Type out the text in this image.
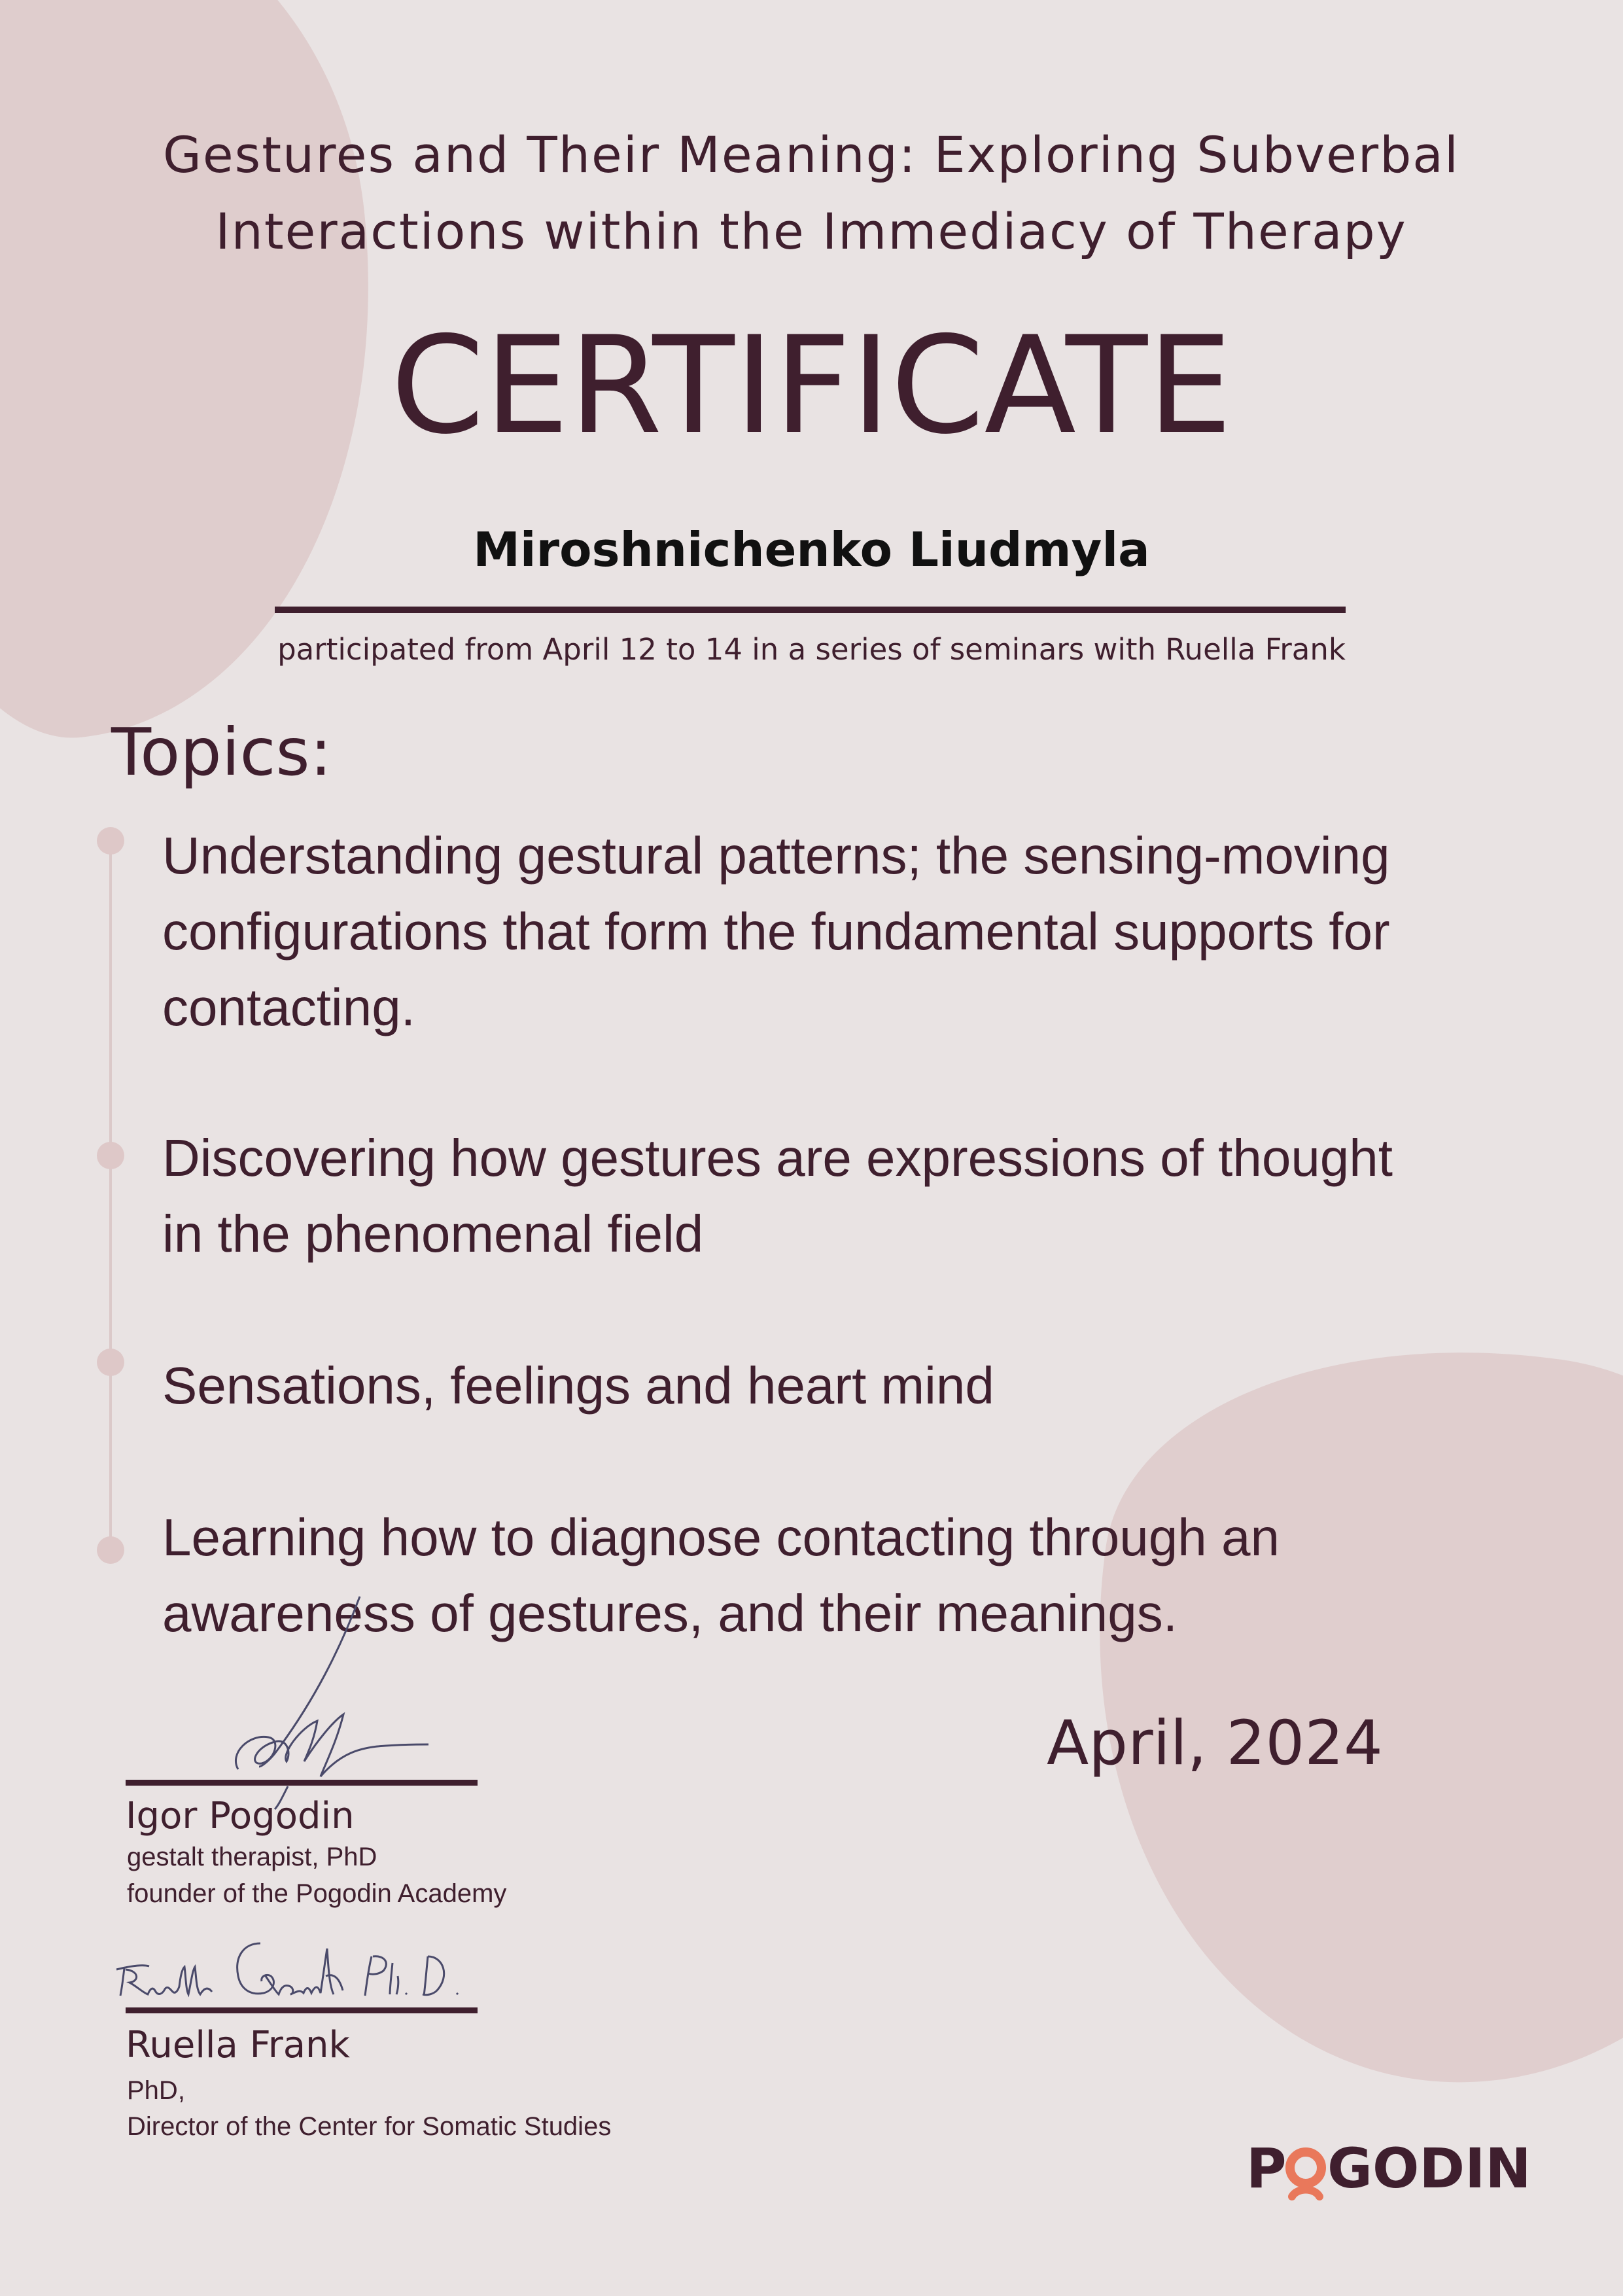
Gestures and Their Meaning: Exploring Subverbal
Interactions within the Immediacy of Therapy
CERTIFICATE
Miroshnichenko Liudmyla
participated from April 12 to 14 in a series of seminars with Ruella Frank
Topics:
Understanding gestural patterns; the sensing-moving
configurations that form the fundamental supports for
contacting.
Discovering how gestures are expressions of thought
in the phenomenal field
Sensations, feelings and heart mind
Learning how to diagnose contacting through an
awareness of gestures, and their meanings.
April, 2024
Igor Pogodin
gestalt therapist, PhD
founder of the Pogodin Academy
Ruella Frank
PhD,
Director of the Center for Somatic Studies
P GODIN
